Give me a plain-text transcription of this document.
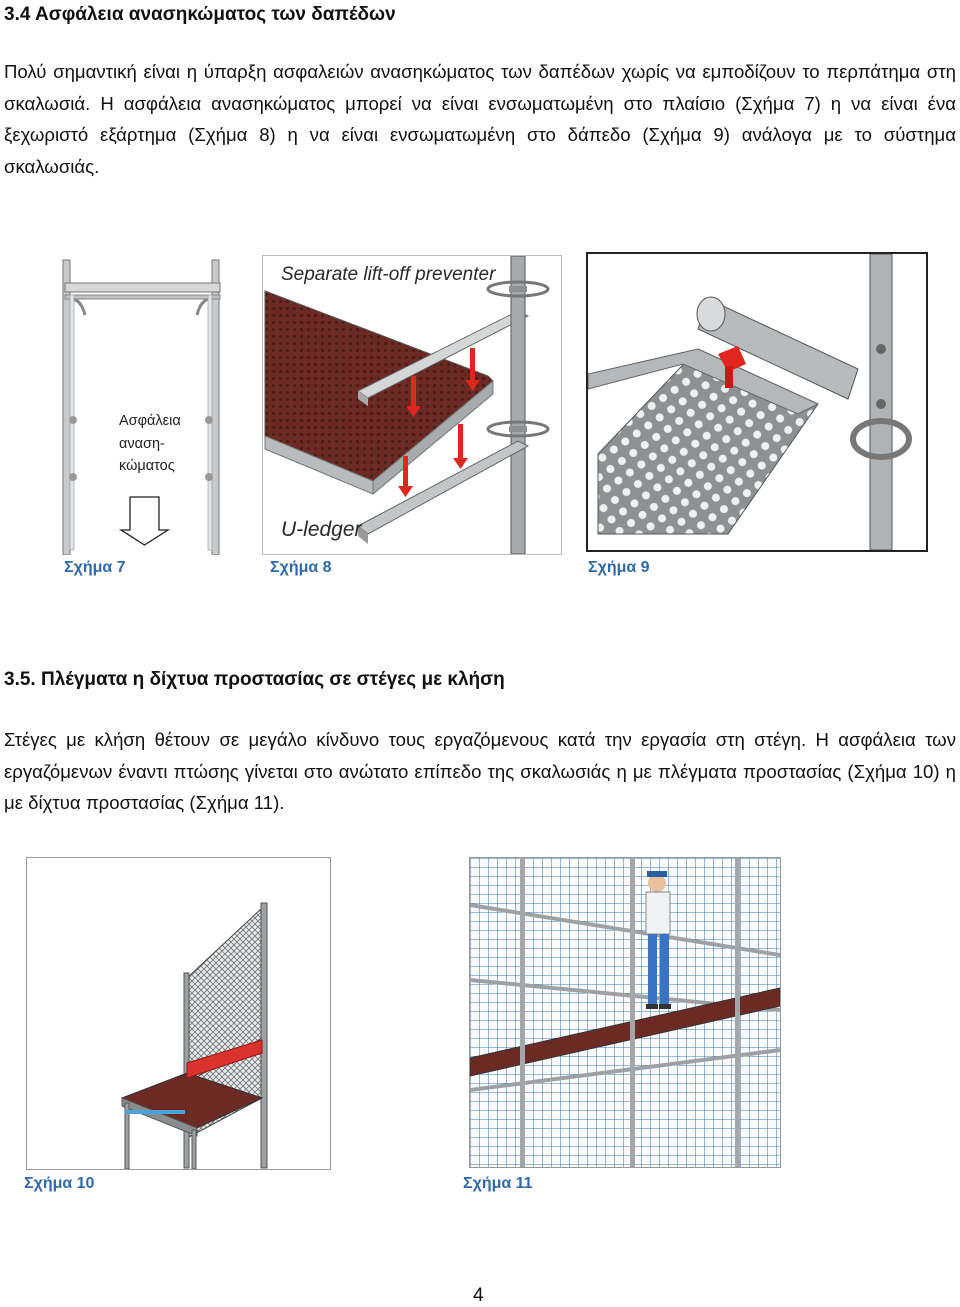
3.4 Ασφάλεια ανασηκώματος των δαπέδων
Πολύ σημαντική είναι η ύπαρξη ασφαλειών ανασηκώματος των δαπέδων χωρίς να εμποδίζουν το περπάτημα στη σκαλωσιά. Η ασφάλεια ανασηκώματος μπορεί να είναι ενσωματωμένη στο πλαίσιο (Σχήμα 7) η να είναι ένα ξεχωριστό εξάρτημα (Σχήμα 8) η να είναι ενσωματωμένη στο δάπεδο (Σχήμα 9) ανάλογα με το σύστημα σκαλωσιάς.
Ασφάλεια
αναση-
κώματος
Separate lift-off preventer
U-ledger
Σχήμα 7	Σχήμα 8	Σχήμα 9
3.5. Πλέγματα η δίχτυα προστασίας σε στέγες με κλήση
Στέγες με κλήση θέτουν σε μεγάλο κίνδυνο τους εργαζόμενους κατά την εργασία στη στέγη. Η ασφάλεια των εργαζόμενων έναντι πτώσης γίνεται στο ανώτατο επίπεδο της σκαλωσιάς η με πλέγματα προστασίας (Σχήμα 10) η με δίχτυα προστασίας (Σχήμα 11).
Σχήμα 10	Σχήμα 11
4
